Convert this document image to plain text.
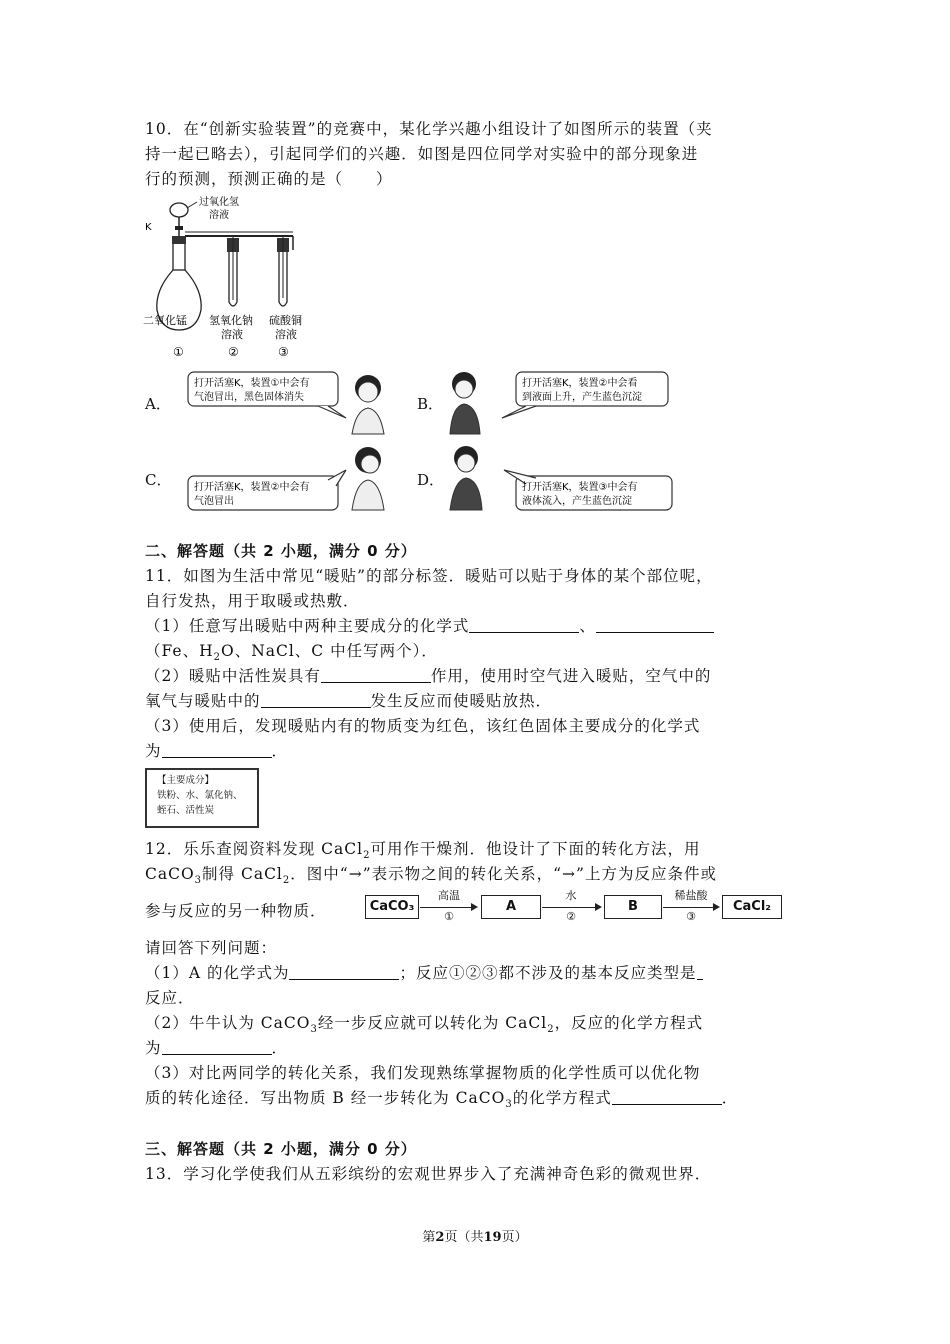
10．在“创新实验装置”的竞赛中，某化学兴趣小组设计了如图所示的装置（夹
持一起已略去），引起同学们的兴趣．如图是四位同学对实验中的部分现象进
行的预测，预测正确的是（　　）
过氧化氢
溶液
K
二氧化锰 氢氧化钠
溶液
硫酸铜
溶液
①	②	③
A．
打开活塞K，装置①中会有
气泡冒出，黑色固体消失	B．
打开活塞K，装置②中会看
到液面上升，产生蓝色沉淀
C． 打开活塞K，装置②中会有
气泡冒出
D．	打开活塞K，装置③中会有
液体流入，产生蓝色沉淀
二、解答题（共 2 小题，满分 0 分）
11．如图为生活中常见“暖贴”的部分标签．暖贴可以贴于身体的某个部位呢，
自行发热，用于取暖或热敷．
（1）任意写出暖贴中两种主要成分的化学式	、
（Fe、$H_2O$、NaCl、C 中任写两个）．
（2）暖贴中活性炭具有	作用，使用时空气进入暖贴，空气中的
氧气与暖贴中的	发生反应而使暖贴放热．
（3）使用后，发现暖贴内有的物质变为红色，该红色固体主要成分的化学式
为	．
【主要成分】
铁粉、水、氯化钠、
蛭石、活性炭
12．乐乐查阅资料发现 CaCl$_2$可用作干燥剂．他设计了下面的转化方法，用
CaCO$_3$制得 CaCl$_2$．图中“→”表示物之间的转化关系，“→”上方为反应条件或
参与反应的另一种物质．	CaCO₃
高温
①
A
水
②
B
稀盐酸
③
CaCl₂
请回答下列问题：
（1）A 的化学式为	；反应①②③都不涉及的基本反应类型是
反应．
（2）牛牛认为 CaCO$_3$经一步反应就可以转化为 CaCl$_2$，反应的化学方程式
为	．
（3）对比两同学的转化关系，我们发现熟练掌握物质的化学性质可以优化物
质的转化途径．写出物质 B 经一步转化为 CaCO$_3$的化学方程式	．
三、解答题（共 2 小题，满分 0 分）
13．学习化学使我们从五彩缤纷的宏观世界步入了充满神奇色彩的微观世界．
第2页（共19页）
